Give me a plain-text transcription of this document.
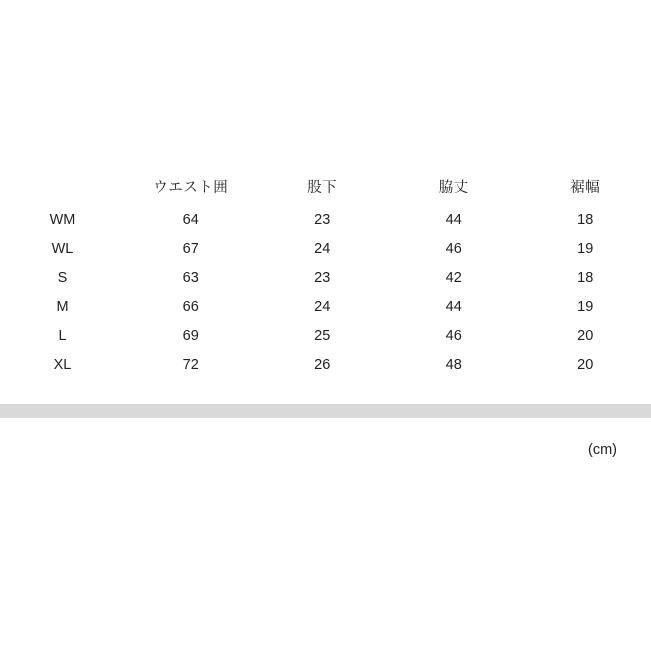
	ウエスト囲	股下	脇丈	裾幅
WM	64	23	44	18
WL	67	24	46	19
S	63	23	42	18
M	66	24	44	19
L	69	25	46	20
XL	72	26	48	20
(cm)
